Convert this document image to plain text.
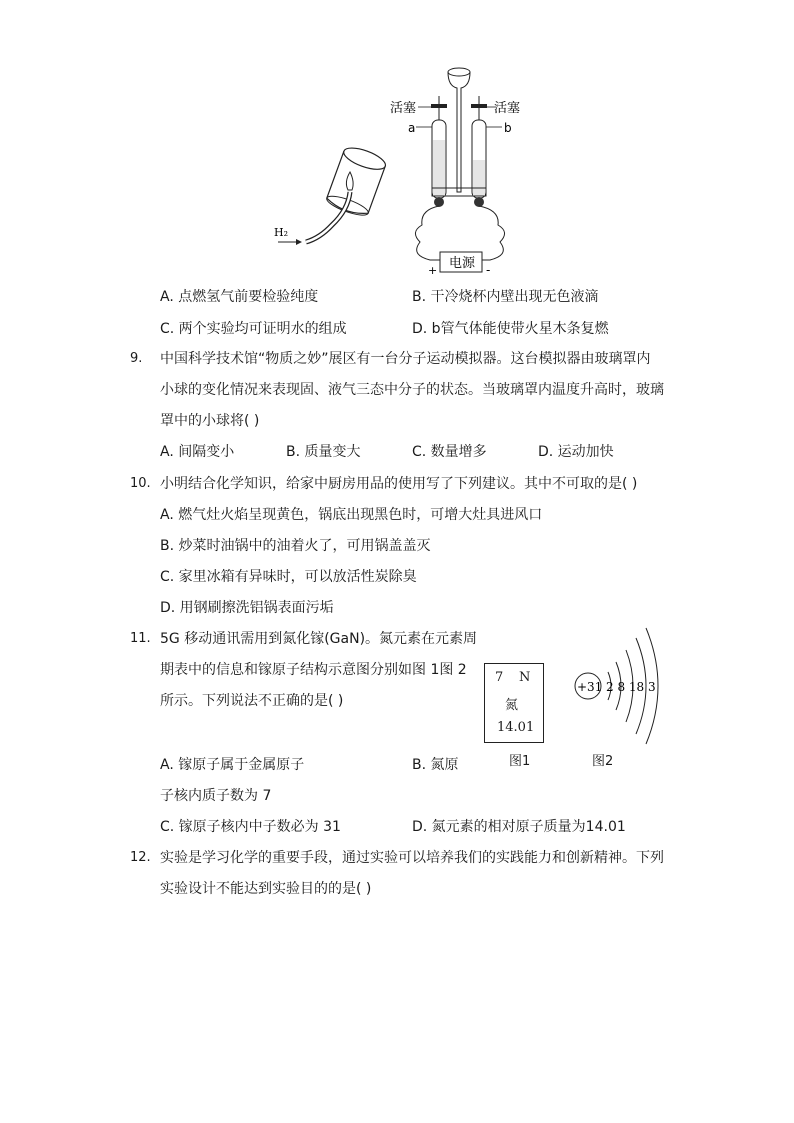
H₂
活塞	活塞
a	b
电源
+	-
A. 点燃氢气前要检验纯度	B. 干冷烧杯内壁出现无色液滴
C. 两个实验均可证明水的组成	D. b管气体能使带火星木条复燃
9. 中国科学技术馆“物质之妙”展区有一台分子运动模拟器。这台模拟器由玻璃罩内
小球的变化情况来表现固、液气三态中分子的状态。当玻璃罩内温度升高时，玻璃
罩中的小球将( )
A. 间隔变小	B. 质量变大	C. 数量增多	D. 运动加快
10. 小明结合化学知识，给家中厨房用品的使用写了下列建议。其中不可取的是( )
A. 燃气灶火焰呈现黄色，锅底出现黑色时，可增大灶具进风口
B. 炒菜时油锅中的油着火了，可用锅盖盖灭
C. 家里冰箱有异味时，可以放活性炭除臭
D. 用钢刷擦洗铝锅表面污垢
11. 5G 移动通讯需用到氮化镓(GaN)。氮元素在元素周
期表中的信息和镓原子结构示意图分别如图 1图 2
所示。下列说法不正确的是( )
7 N
氮
14.01
图1
+31 2 8 18 3
图2
A. 镓原子属于金属原子	B. 氮原
子核内质子数为 7
C. 镓原子核内中子数必为 31	D. 氮元素的相对原子质量为14.01
12. 实验是学习化学的重要手段，通过实验可以培养我们的实践能力和创新精神。下列
实验设计不能达到实验目的的是( )
